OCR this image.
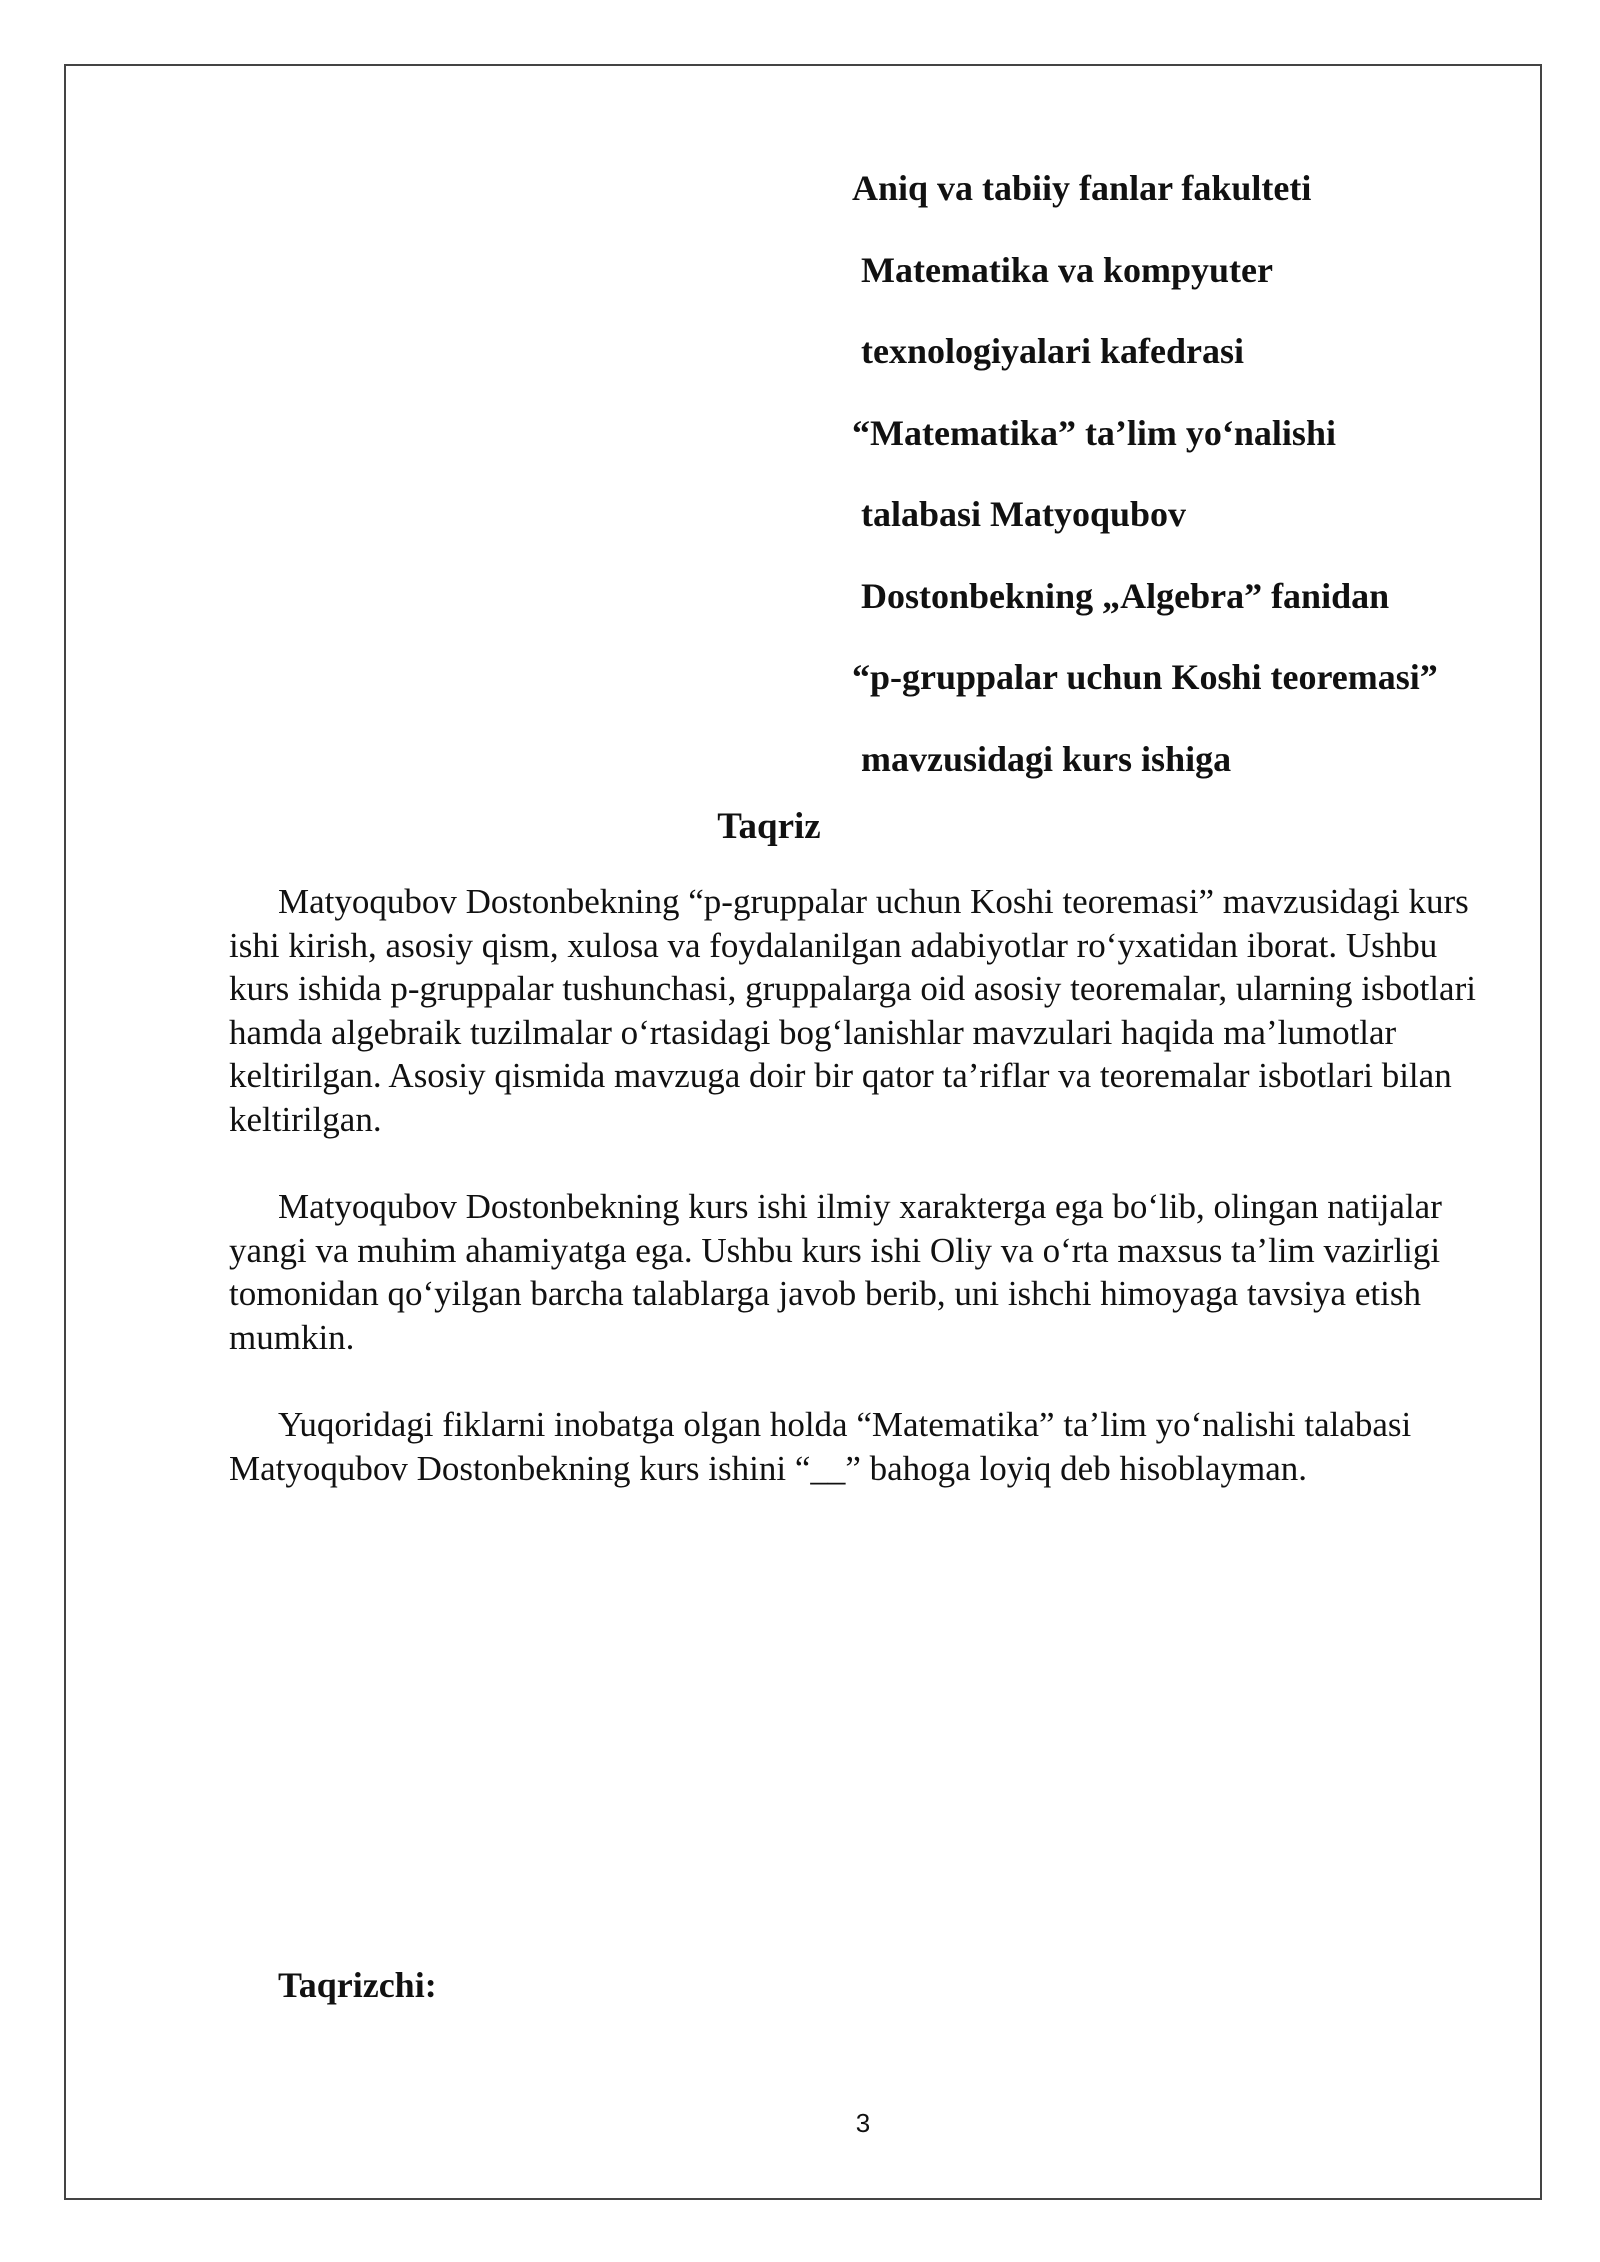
Aniq va tabiiy fanlar fakulteti
Matematika va kompyuter
texnologiyalari kafedrasi
“Matematika” ta’lim yo‘nalishi
talabasi Matyoqubov
Dostonbekning „Algebra” fanidan
“p-gruppalar uchun Koshi teoremasi”
mavzusidagi kurs ishiga
Taqriz

Matyoqubov Dostonbekning “p-gruppalar uchun Koshi teoremasi” mavzusidagi kurs ishi kirish, asosiy qism, xulosa va foydalanilgan adabiyotlar ro‘yxatidan iborat. Ushbu kurs ishida p-gruppalar tushunchasi, gruppalarga oid asosiy teoremalar, ularning isbotlari hamda algebraik tuzilmalar o‘rtasidagi bog‘lanishlar mavzulari haqida ma’lumotlar keltirilgan. Asosiy qismida mavzuga doir bir qator ta’riflar va teoremalar isbotlari bilan keltirilgan.

Matyoqubov Dostonbekning kurs ishi ilmiy xarakterga ega bo‘lib, olingan natijalar yangi va muhim ahamiyatga ega. Ushbu kurs ishi Oliy va o‘rta maxsus ta’lim vazirligi tomonidan qo‘yilgan barcha talablarga javob berib, uni ishchi himoyaga tavsiya etish mumkin.

Yuqoridagi fiklarni inobatga olgan holda “Matematika” ta’lim yo‘nalishi talabasi Matyoqubov Dostonbekning kurs ishini “__” bahoga loyiq deb hisoblayman.

Taqrizchi:
3
